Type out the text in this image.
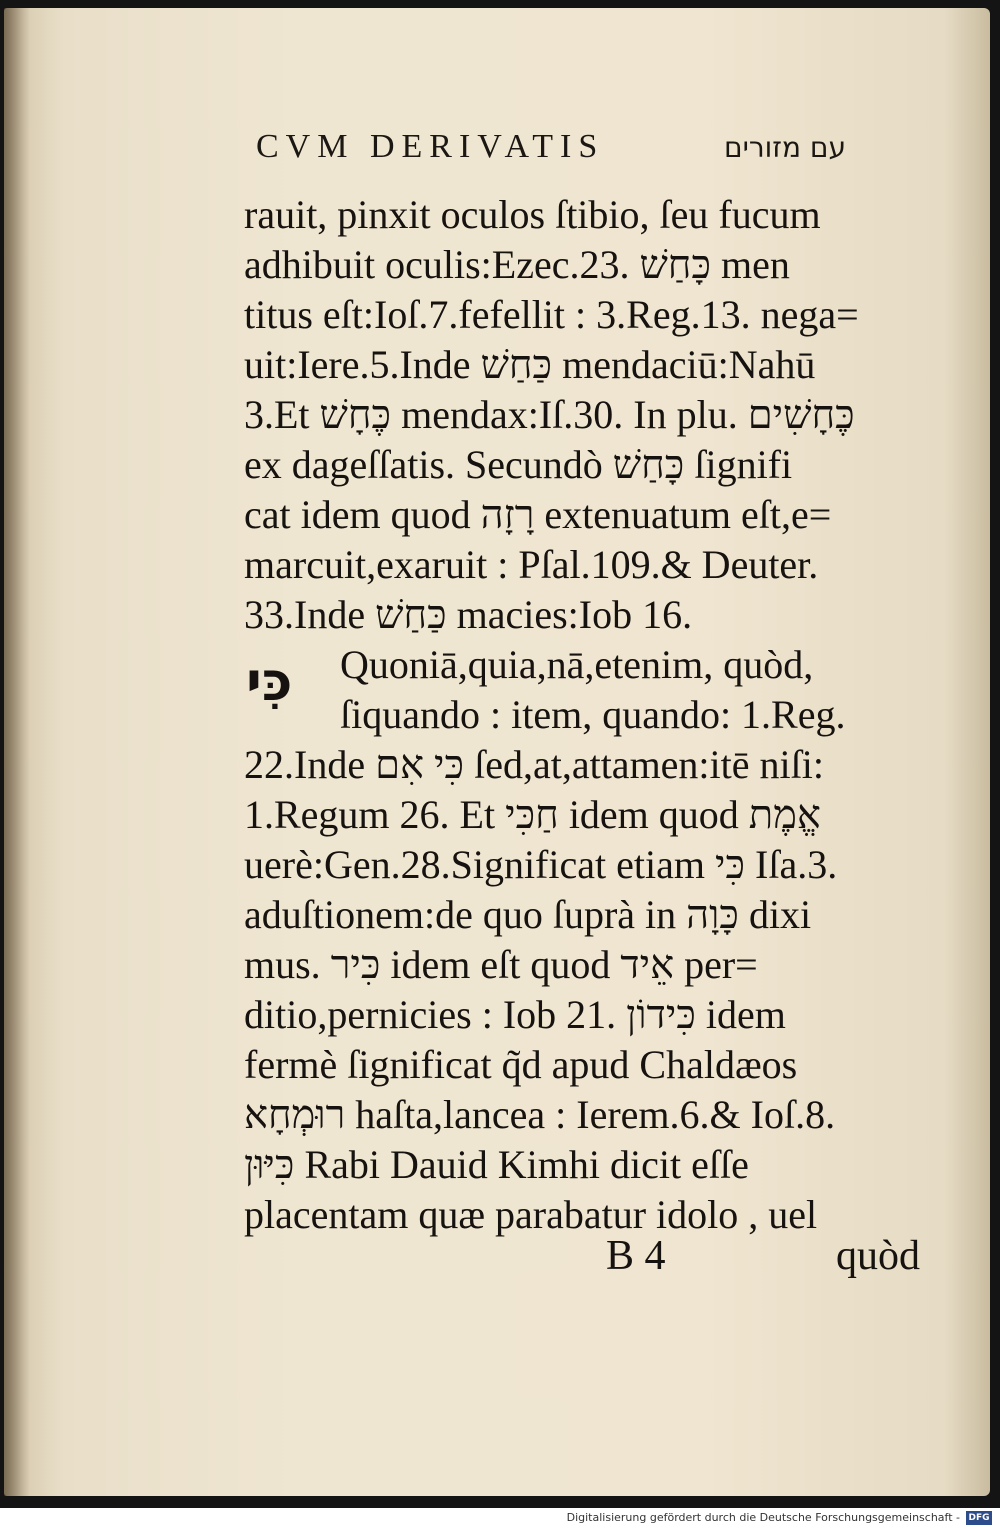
CVM DERIVATIS	עם מזורים
כִּי
rauit, pinxit oculos ſtibio, ſeu fucum
adhibuit oculis:Ezec.23. כָּחַשׁ men
titus eſt:Ioſ.7.fefellit : 3.Reg.13. nega=
uit:Iere.5.Inde כַּחַשׁ mendaciū:Nahū
3.Et כֶּחָשׁ mendax:Iſ.30. In plu. כֶּחָשִׁים
ex dageſſatis. Secundò כָּחַשׁ ſignifi
cat idem quod רָזָה extenuatum eſt,e=
marcuit,exaruit : Pſal.109.& Deuter.
33.Inde כַּחַשׁ macies:Iob 16.
Quoniā,quia,nā,etenim, quòd,
ſiquando : item, quando: 1.Reg.
22.Inde כִּי אִם ſed,at,attamen:itē niſi:
1.Regum 26. Et חַכִּי idem quod אֱמֶת
uerè:Gen.28.Significat etiam כִּי Iſa.3.
aduſtionem:de quo ſuprà in כָּוָה dixi
mus. כִּיר idem eſt quod אֵיד per=
ditio,pernicies : Iob 21. כִּידוֹן idem
fermè ſignificat q̃d apud Chaldæos
רוּמְחָא haſta,lancea : Ierem.6.& Ioſ.8.
כִּיּוּן Rabi Dauid Kimhi dicit eſſe
placentam quæ parabatur idolo , uel
B 4	quòd
Digitalisierung gefördert durch die Deutsche Forschungsgemeinschaft - DFG
